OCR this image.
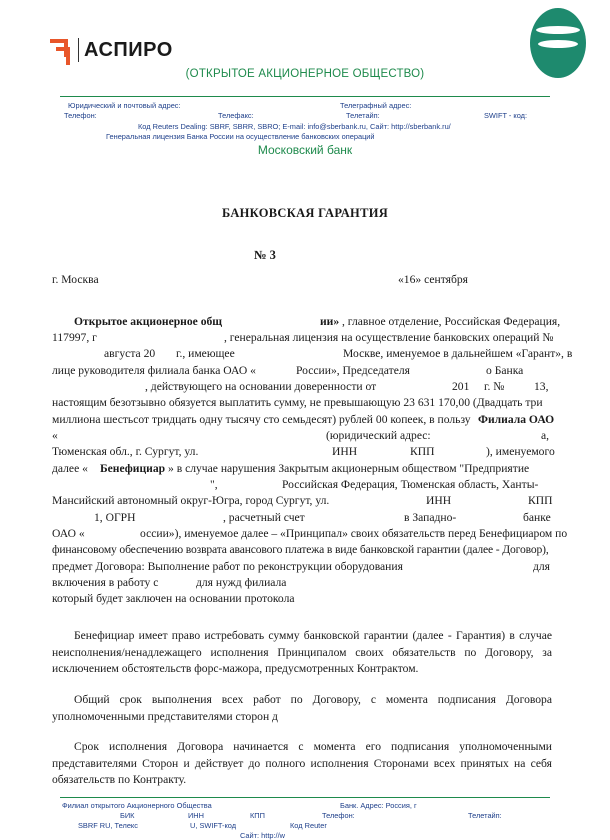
АСПИРО
(ОТКРЫТОЕ АКЦИОНЕРНОЕ ОБЩЕСТВО)
Юридический и почтовый адрес:	Телеграфный адрес:
Телефон:	Телефакс:	Телетайп:	SWIFT - код:
Код Reuters Dealing: SBRF, SBRR, SBRO; E-mail: info@sberbank.ru, Сайт: http://sberbank.ru/
Генеральная лицензия Банка России на осуществление банковских операций
Московский банк
БАНКОВСКАЯ ГАРАНТИЯ
№ 3
г. Москва	«16» сентября
Открытое акционерное общ	ии» , главное отделение, Российская Федерация,
117997, г	, генеральная лицензия на осуществление банковских операций №
августа 20 г., имеющее	Москве, именуемое в дальнейшем «Гарант», в
лице руководителя филиала банка ОАО «	России», Председателя	о Банка
, действующего на основании доверенности от	201 г. №	13,
настоящим безотзывно обязуется выплатить сумму, не превышающую 23 631 170,00 (Двадцать три
миллиона шестьсот тридцать одну тысячу сто семьдесят) рублей 00 копеек, в пользу Филиала ОАО
«	(юридический адрес:	а,
Тюменская обл., г. Сургут, ул.	ИНН	КПП	), именуемого
далее « Бенефициар » в случае нарушения Закрытым акционерным обществом "Предприятие
",	Российская Федерация, Тюменская область, Ханты-
Мансийский автономный округ-Югра, город Сургут, ул.	ИНН	КПП
1, ОГРН	, расчетный счет	в Западно-	банке
ОАО «	оссии»), именуемое далее – «Принципал» своих обязательств перед Бенефициаром по
финансовому обеспечению возврата авансового платежа в виде банковской гарантии (далее - Договор),
предмет Договора: Выполнение работ по реконструкции оборудования	для
включения в работу с	для нужд филиала
который будет заключен на основании протокола
Бенефициар имеет право истребовать сумму банковской гарантии (далее - Гарантия) в случае неисполнения/ненадлежащего исполнения Принципалом своих обязательств по Договору, за исключением обстоятельств форс-мажора, предусмотренных Контрактом.
Общий срок выполнения всех работ по Договору, с момента подписания Договора уполномоченными представителями сторон д
Срок исполнения Договора начинается с момента его подписания уполномоченными представителями Сторон и действует до полного исполнения Сторонами всех принятых на себя обязательств по Контракту.
Филиал открытого Акционерного Общества	Банк. Адрес: Россия, г
БИК	ИНН	КПП	Телефон:	Телетайп:
SBRF RU, Телекс	U, SWIFT-код	Код Reuter
Сайт: http://w
